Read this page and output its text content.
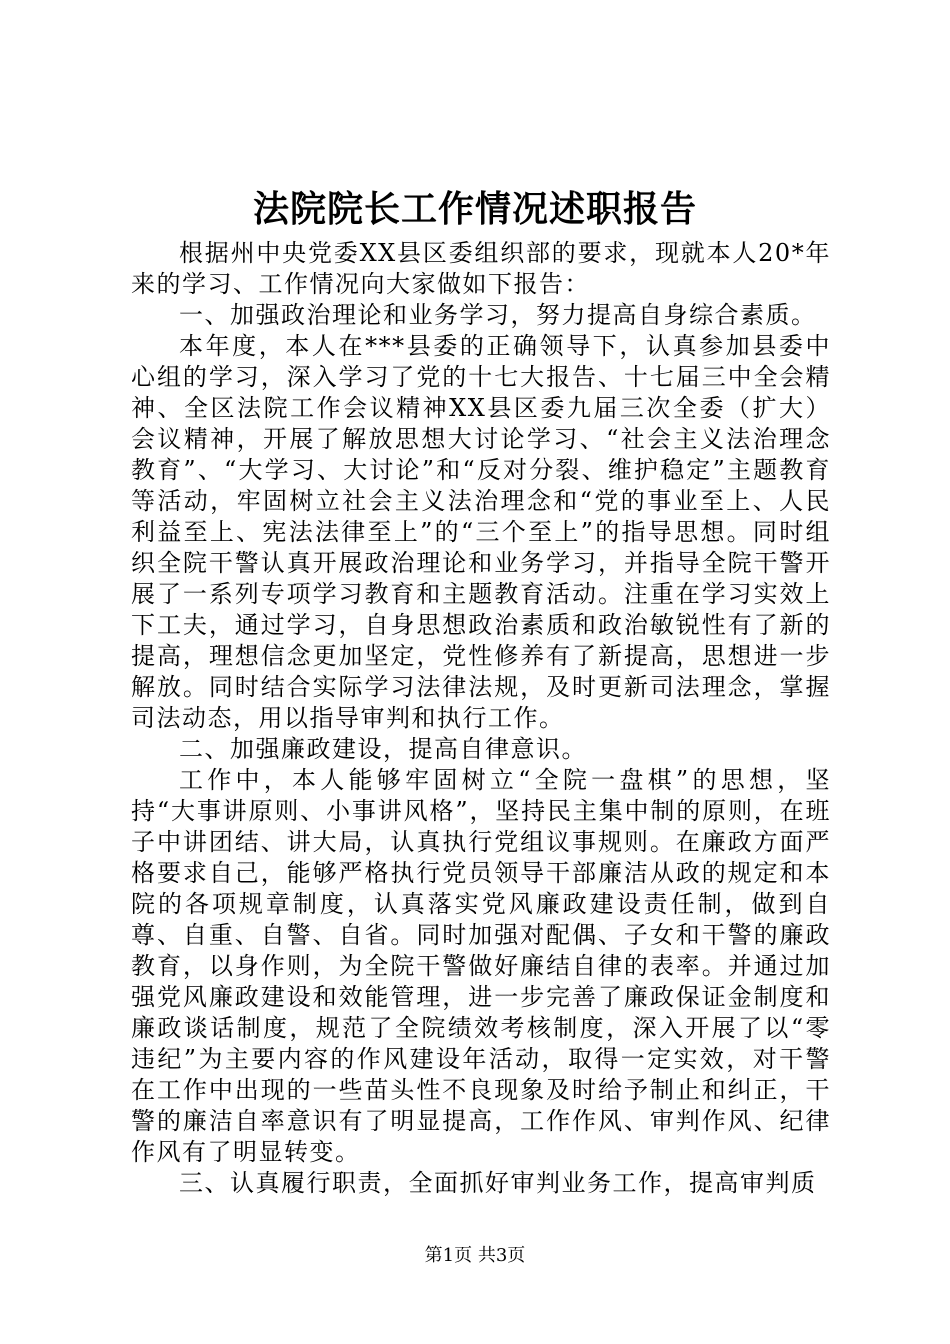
法院院长工作情况述职报告

根据州中央党委XX县区委组织部的要求，现就本人20*年来的学习、工作情况向大家做如下报告：

一、加强政治理论和业务学习，努力提高自身综合素质。

本年度，本人在***县委的正确领导下，认真参加县委中心组的学习，深入学习了党的十七大报告、十七届三中全会精神、全区法院工作会议精神XX县区委九届三次全委（扩大）会议精神，开展了解放思想大讨论学习、“社会主义法治理念教育”、“大学习、大讨论”和“反对分裂、维护稳定”主题教育等活动，牢固树立社会主义法治理念和“党的事业至上、人民利益至上、宪法法律至上”的“三个至上”的指导思想。同时组织全院干警认真开展政治理论和业务学习，并指导全院干警开展了一系列专项学习教育和主题教育活动。注重在学习实效上下工夫，通过学习，自身思想政治素质和政治敏锐性有了新的提高，理想信念更加坚定，党性修养有了新提高，思想进一步解放。同时结合实际学习法律法规，及时更新司法理念，掌握司法动态，用以指导审判和执行工作。

二、加强廉政建设，提高自律意识。

工作中，本人能够牢固树立“全院一盘棋”的思想，坚持“大事讲原则、小事讲风格”，坚持民主集中制的原则，在班子中讲团结、讲大局，认真执行党组议事规则。在廉政方面严格要求自己，能够严格执行党员领导干部廉洁从政的规定和本院的各项规章制度，认真落实党风廉政建设责任制，做到自尊、自重、自警、自省。同时加强对配偶、子女和干警的廉政教育，以身作则，为全院干警做好廉结自律的表率。并通过加强党风廉政建设和效能管理，进一步完善了廉政保证金制度和廉政谈话制度，规范了全院绩效考核制度，深入开展了以“零违纪”为主要内容的作风建设年活动，取得一定实效，对干警在工作中出现的一些苗头性不良现象及时给予制止和纠正，干警的廉洁自率意识有了明显提高，工作作风、审判作风、纪律作风有了明显转变。

三、认真履行职责，全面抓好审判业务工作，提高审判质

第1页 共3页
